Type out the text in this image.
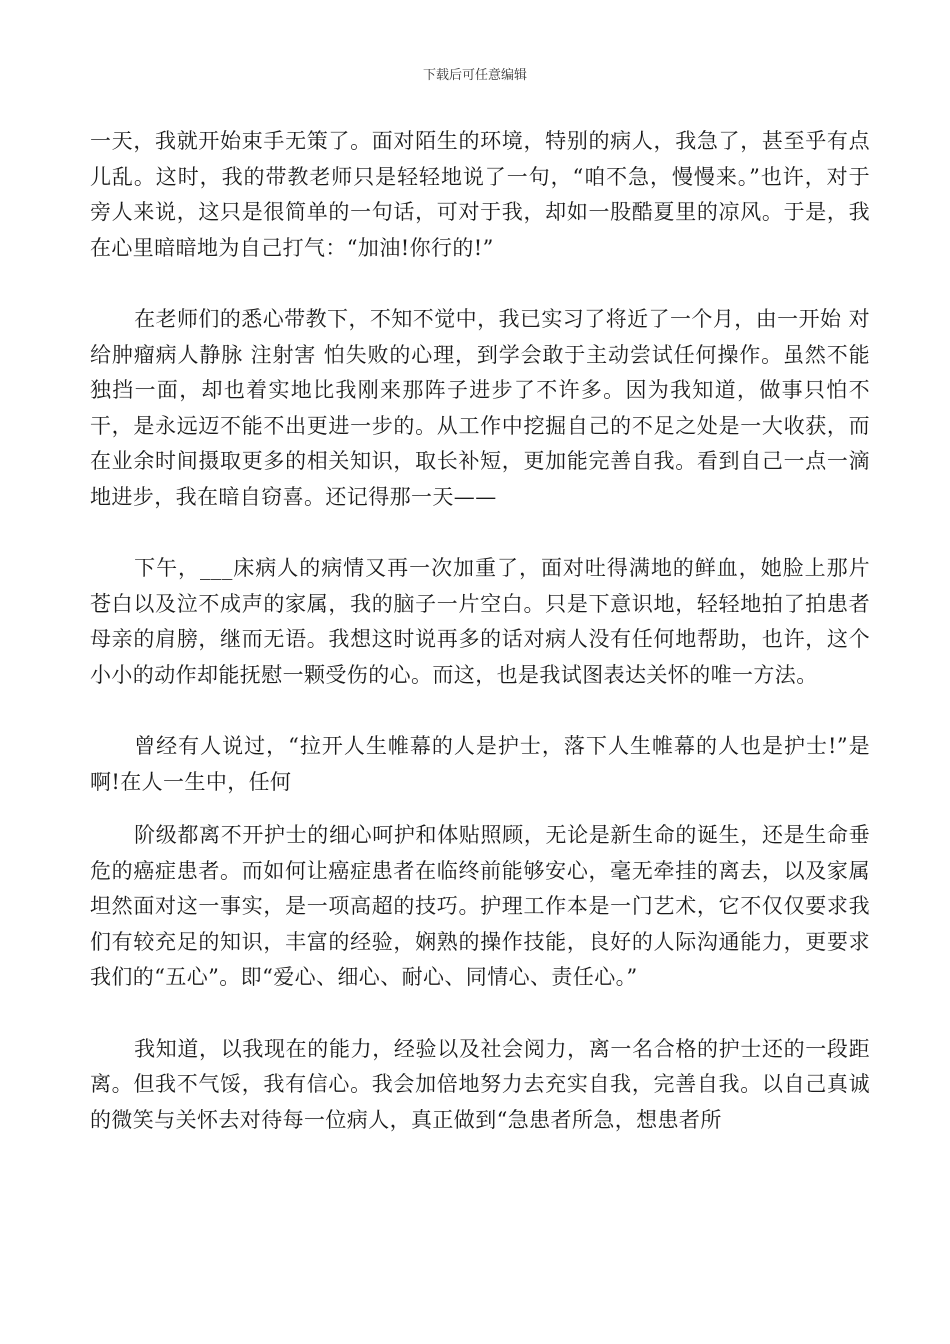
下载后可任意编辑

一天，我就开始束手无策了。面对陌生的环境，特别的病人，我急了，甚至乎有点儿乱。这时，我的带教老师只是轻轻地说了一句，“咱不急，慢慢来。”也许，对于旁人来说，这只是很简单的一句话，可对于我，却如一股酷夏里的凉风。于是，我在心里暗暗地为自己打气：“加油!你行的!”

在老师们的悉心带教下，不知不觉中，我已实习了将近了一个月，由一开始 对给肿瘤病人静脉 注射害 怕失败的心理，到学会敢于主动尝试任何操作。虽然不能独挡一面，却也着实地比我刚来那阵子进步了不许多。因为我知道，做事只怕不干，是永远迈不能不出更进一步的。从工作中挖掘自己的不足之处是一大收获，而在业余时间摄取更多的相关知识，取长补短，更加能完善自我。看到自己一点一滴地进步，我在暗自窃喜。还记得那一天——

下午，___床病人的病情又再一次加重了，面对吐得满地的鲜血，她脸上那片苍白以及泣不成声的家属，我的脑子一片空白。只是下意识地，轻轻地拍了拍患者母亲的肩膀，继而无语。我想这时说再多的话对病人没有任何地帮助，也许，这个小小的动作却能抚慰一颗受伤的心。而这，也是我试图表达关怀的唯一方法。

曾经有人说过，“拉开人生帷幕的人是护士，落下人生帷幕的人也是护士!”是啊!在人一生中，任何

阶级都离不开护士的细心呵护和体贴照顾，无论是新生命的诞生，还是生命垂危的癌症患者。而如何让癌症患者在临终前能够安心，毫无牵挂的离去，以及家属坦然面对这一事实，是一项高超的技巧。护理工作本是一门艺术，它不仅仅要求我们有较充足的知识，丰富的经验，娴熟的操作技能，良好的人际沟通能力，更要求我们的“五心”。即“爱心、细心、耐心、同情心、责任心。”

我知道，以我现在的能力，经验以及社会阅力，离一名合格的护士还的一段距离。但我不气馁，我有信心。我会加倍地努力去充实自我，完善自我。以自己真诚的微笑与关怀去对待每一位病人，真正做到“急患者所急，想患者所
